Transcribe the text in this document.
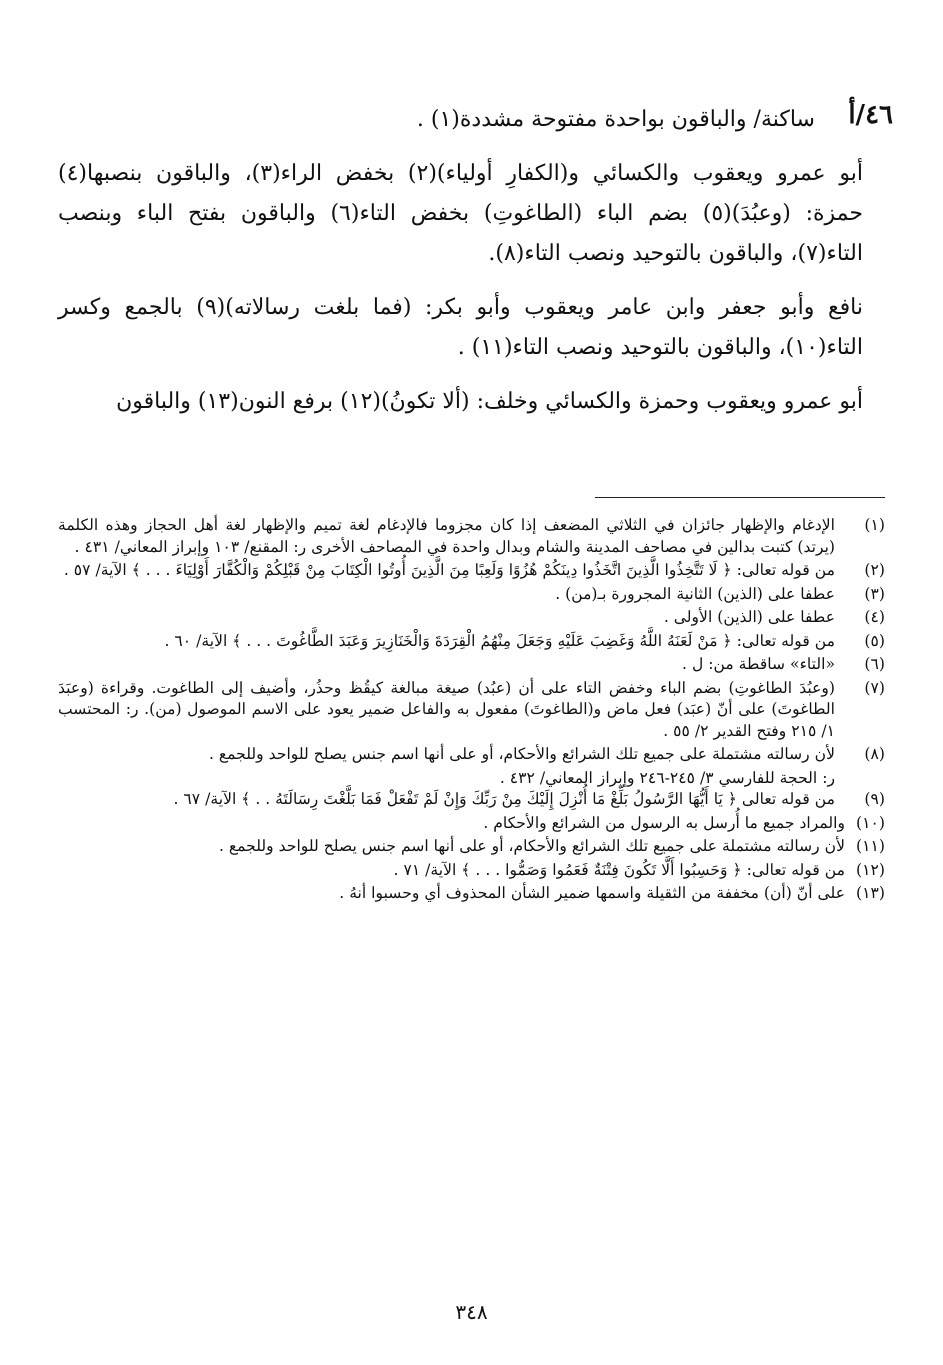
٤٦/أ

ساكنة/ والباقون بواحدة مفتوحة مشددة(١) .

أبو عمرو ويعقوب والكسائي و(الكفارِ أولياء)(٢) بخفض الراء(٣)، والباقون بنصبها(٤) حمزة: (وعبُدَ)(٥) بضم الباء (الطاغوتِ) بخفض التاء(٦) والباقون بفتح الباء وبنصب التاء(٧)، والباقون بالتوحيد ونصب التاء(٨).

نافع وأبو جعفر وابن عامر ويعقوب وأبو بكر: (فما بلغت رسالاته)(٩) بالجمع وكسر التاء(١٠)، والباقون بالتوحيد ونصب التاء(١١) .

أبو عمرو ويعقوب وحمزة والكسائي وخلف: (ألا تكونُ)(١٢) برفع النون(١٣) والباقون

(١)
الإدغام والإظهار جائزان في الثلاثي المضعف إذا كان مجزوما فالإدغام لغة تميم والإظهار لغة أهل الحجاز وهذه الكلمة (يرتد) كتبت بدالين في مصاحف المدينة والشام وبدال واحدة في المصاحف الأخرى ر: المقنع/ ١٠٣ وإبراز المعاني/ ٤٣١ .
(٢)
من قوله تعالى: ﴿ لَا تَتَّخِذُوا الَّذِينَ اتَّخَذُوا دِينَكُمْ هُزُوًا وَلَعِبًا مِنَ الَّذِينَ أُوتُوا الْكِتَابَ مِنْ قَبْلِكُمْ وَالْكُفَّارَ أَوْلِيَاءَ . . . ﴾ الآية/ ٥٧ .
(٣)
عطفا على (الذين) الثانية المجرورة بـ(من) .
(٤)
عطفا على (الذين) الأولى .
(٥)
من قوله تعالى: ﴿ مَنْ لَعَنَهُ اللَّهُ وَغَضِبَ عَلَيْهِ وَجَعَلَ مِنْهُمُ الْقِرَدَةَ وَالْخَنَازِيرَ وَعَبَدَ الطَّاغُوتَ . . . ﴾ الآية/ ٦٠ .
(٦)
«التاء» ساقطة من: ل .
(٧)
(وعبُدَ الطاغوتِ) بضم الباء وخفض التاء على أن (عبُد) صيغة مبالغة كيقُظ وحذُر، وأضيف إلى الطاغوت. وقراءة (وعبَدَ الطاغوتَ) على أنّ (عبَد) فعل ماض و(الطاغوتَ) مفعول به والفاعل ضمير يعود على الاسم الموصول (من). ر: المحتسب ١/ ٢١٥ وفتح القدير ٢/ ٥٥ .
(٨)
لأن رسالته مشتملة على جميع تلك الشرائع والأحكام، أو على أنها اسم جنس يصلح للواحد وللجمع .
ر: الحجة للفارسي ٣/ ٢٤٥-٢٤٦ وإبراز المعاني/ ٤٣٢ .
(٩)
من قوله تعالى ﴿ يَا أَيُّهَا الرَّسُولُ بَلِّغْ مَا أُنْزِلَ إِلَيْكَ مِنْ رَبِّكَ وَإِنْ لَمْ تَفْعَلْ فَمَا بَلَّغْتَ رِسَالَتَهُ . . ﴾ الآية/ ٦٧ .
(١٠)
والمراد جميع ما أُرسل به الرسول من الشرائع والأحكام .
(١١)
لأن رسالته مشتملة على جميع تلك الشرائع والأحكام، أو على أنها اسم جنس يصلح للواحد وللجمع .
(١٢)
من قوله تعالى: ﴿ وَحَسِبُوا أَلَّا تَكُونَ فِتْنَةٌ فَعَمُوا وَصَمُّوا . . . ﴾ الآية/ ٧١ .
(١٣)
على أنّ (أن) مخففة من الثقيلة واسمها ضمير الشأن المحذوف أي وحسبوا أنهُ .
٣٤٨
